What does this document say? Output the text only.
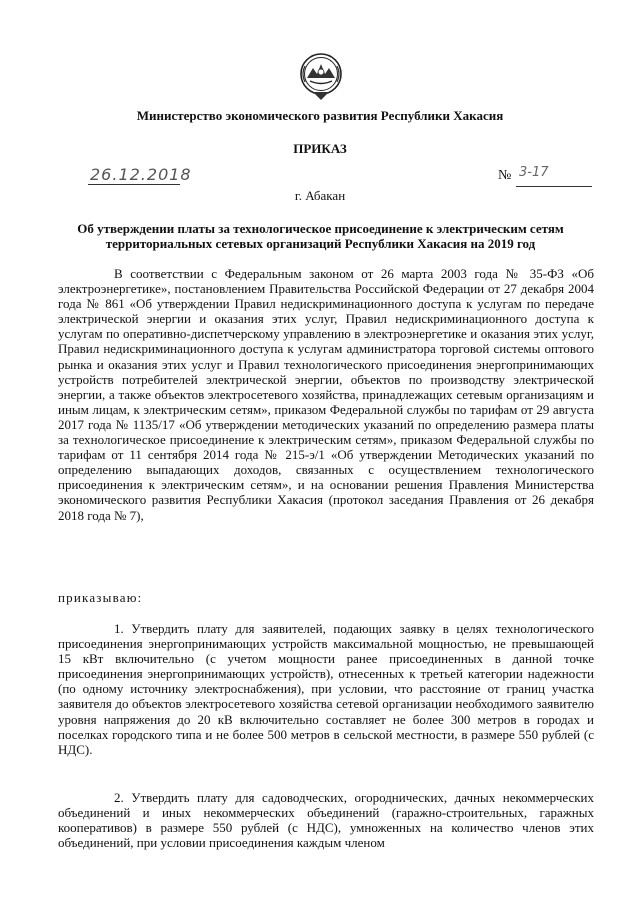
Министерство экономического развития Республики Хакасия
ПРИКАЗ
26.12.2018
г. Абакан
№ 3-17
Об утверждении платы за технологическое присоединение к электрическим сетям территориальных сетевых организаций Республики Хакасия на 2019 год
В соответствии с Федеральным законом от 26 марта 2003 года № 35-ФЗ «Об электроэнергетике», постановлением Правительства Российской Федерации от 27 декабря 2004 года № 861 «Об утверждении Правил недискриминационного доступа к услугам по передаче электрической энергии и оказания этих услуг, Правил недискриминационного доступа к услугам по оперативно-диспетчерскому управлению в электроэнергетике и оказания этих услуг, Правил недискриминационного доступа к услугам администратора торговой системы оптового рынка и оказания этих услуг и Правил технологического присоединения энергопринимающих устройств потребителей электрической энергии, объектов по производству электрической энергии, а также объектов электросетевого хозяйства, принадлежащих сетевым организациям и иным лицам, к электрическим сетям», приказом Федеральной службы по тарифам от 29 августа 2017 года № 1135/17 «Об утверждении методических указаний по определению размера платы за технологическое присоединение к электрическим сетям», приказом Федеральной службы по тарифам от 11 сентября 2014 года № 215-э/1 «Об утверждении Методических указаний по определению выпадающих доходов, связанных с осуществлением технологического присоединения к электрическим сетям», и на основании решения Правления Министерства экономического развития Республики Хакасия (протокол заседания Правления от 26 декабря 2018 года № 7),
приказываю:
1. Утвердить плату для заявителей, подающих заявку в целях технологического присоединения энергопринимающих устройств максимальной мощностью, не превышающей 15 кВт включительно (с учетом мощности ранее присоединенных в данной точке присоединения энергопринимающих устройств), отнесенных к третьей категории надежности (по одному источнику электроснабжения), при условии, что расстояние от границ участка заявителя до объектов электросетевого хозяйства сетевой организации необходимого заявителю уровня напряжения до 20 кВ включительно составляет не более 300 метров в городах и поселках городского типа и не более 500 метров в сельской местности, в размере 550 рублей (с НДС).
2. Утвердить плату для садоводческих, огороднических, дачных некоммерческих объединений и иных некоммерческих объединений (гаражно-строительных, гаражных кооперативов) в размере 550 рублей (с НДС), умноженных на количество членов этих объединений, при условии присоединения каждым членом
